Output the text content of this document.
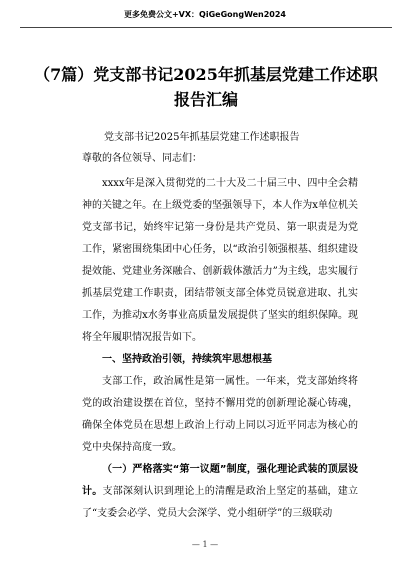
更多免费公文+VX：QiGeGongWen2024
（7篇）党支部书记2025年抓基层党建工作述职报告汇编
党支部书记2025年抓基层党建工作述职报告
尊敬的各位领导、同志们：

xxxx年是深入贯彻党的二十大及二十届三中、四中全会精神的关键之年。在上级党委的坚强领导下，本人作为x单位机关党支部书记，始终牢记第一身份是共产党员、第一职责是为党工作，紧密围绕集团中心任务，以“政治引领强根基、组织建设提效能、党建业务深融合、创新载体激活力”为主线，忠实履行抓基层党建工作职责，团结带领支部全体党员锐意进取、扎实工作，为推动x水务事业高质量发展提供了坚实的组织保障。现将全年履职情况报告如下。

一、坚持政治引领，持续筑牢思想根基

支部工作，政治属性是第一属性。一年来，党支部始终将党的政治建设摆在首位，坚持不懈用党的创新理论凝心铸魂，确保全体党员在思想上政治上行动上同以习近平同志为核心的党中央保持高度一致。

（一）严格落实“第一议题”制度，强化理论武装的顶层设计。支部深刻认识到理论上的清醒是政治上坚定的基础，建立了“支委会必学、党员大会深学、党小组研学”的三级联动

— 1 —
